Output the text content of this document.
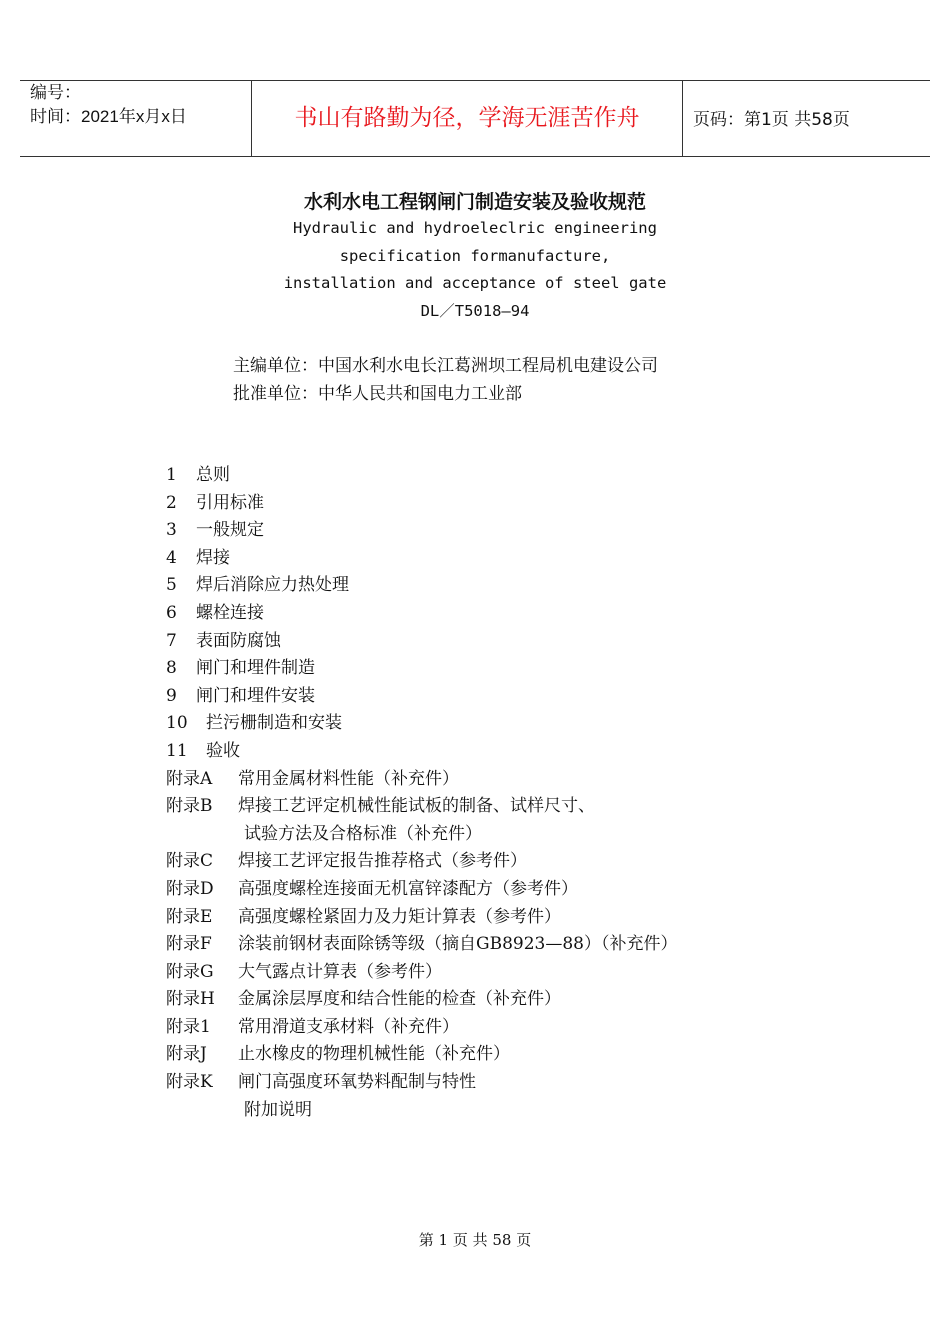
编号：
时间：2021年x月x日	书山有路勤为径，学海无涯苦作舟	页码：第1页 共58页
水利水电工程钢闸门制造安装及验收规范
Hydraulic and hydroeleclric engineering
specification formanufacture,
installation and acceptance of steel gate
DL／T5018—94
主编单位：中国水利水电长江葛洲坝工程局机电建设公司
批准单位：中华人民共和国电力工业部
1 总则
2 引用标准
3 一般规定
4 焊接
5 焊后消除应力热处理
6 螺栓连接
7 表面防腐蚀
8 闸门和埋件制造
9 闸门和埋件安装
10 拦污栅制造和安装
11 验收
附录A 常用金属材料性能（补充件）
附录B 焊接工艺评定机械性能试板的制备、试样尺寸、
试验方法及合格标准（补充件）
附录C 焊接工艺评定报告推荐格式（参考件）
附录D 高强度螺栓连接面无机富锌漆配方（参考件）
附录E 高强度螺栓紧固力及力矩计算表（参考件）
附录F 涂装前钢材表面除锈等级（摘自GB8923—88）（补充件）
附录G 大气露点计算表（参考件）
附录H 金属涂层厚度和结合性能的检查（补充件）
附录1 常用滑道支承材料（补充件）
附录J 止水橡皮的物理机械性能（补充件）
附录K 闸门高强度环氧势料配制与特性
附加说明
第 1 页 共 58 页
